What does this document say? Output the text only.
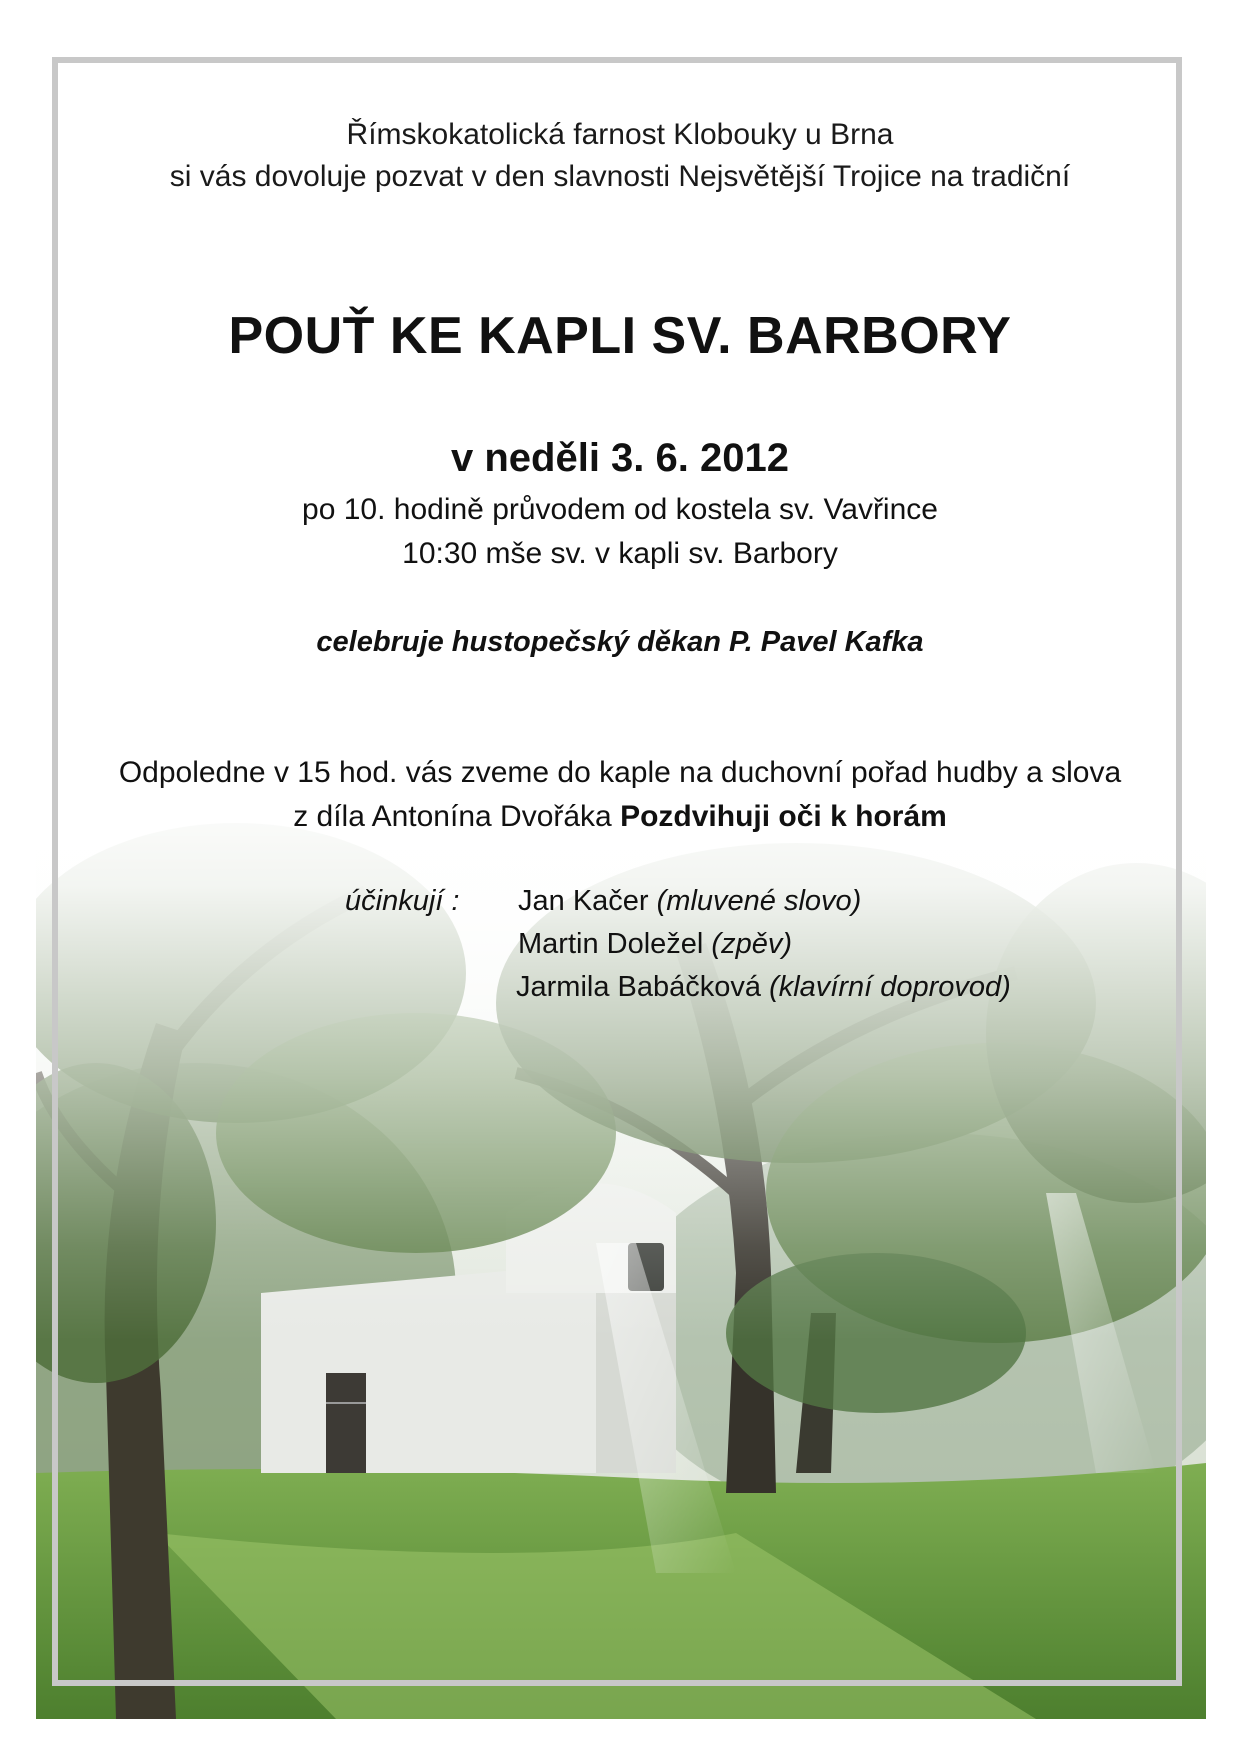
Římskokatolická farnost Klobouky u Brna
si vás dovoluje pozvat v den slavnosti Nejsvětější Trojice na tradiční
POUŤ KE KAPLI SV. BARBORY
v neděli 3. 6. 2012
po 10. hodině průvodem od kostela sv. Vavřince
10:30 mše sv. v kapli sv. Barbory
celebruje hustopečský děkan P. Pavel Kafka
Odpoledne v 15 hod. vás zveme do kaple na duchovní pořad hudby a slova
z díla Antonína Dvořáka Pozdvihuji oči k horám
účinkují : Jan Kačer (mluvené slovo)
Martin Doležel (zpěv)
Jarmila Babáčková (klavírní doprovod)
